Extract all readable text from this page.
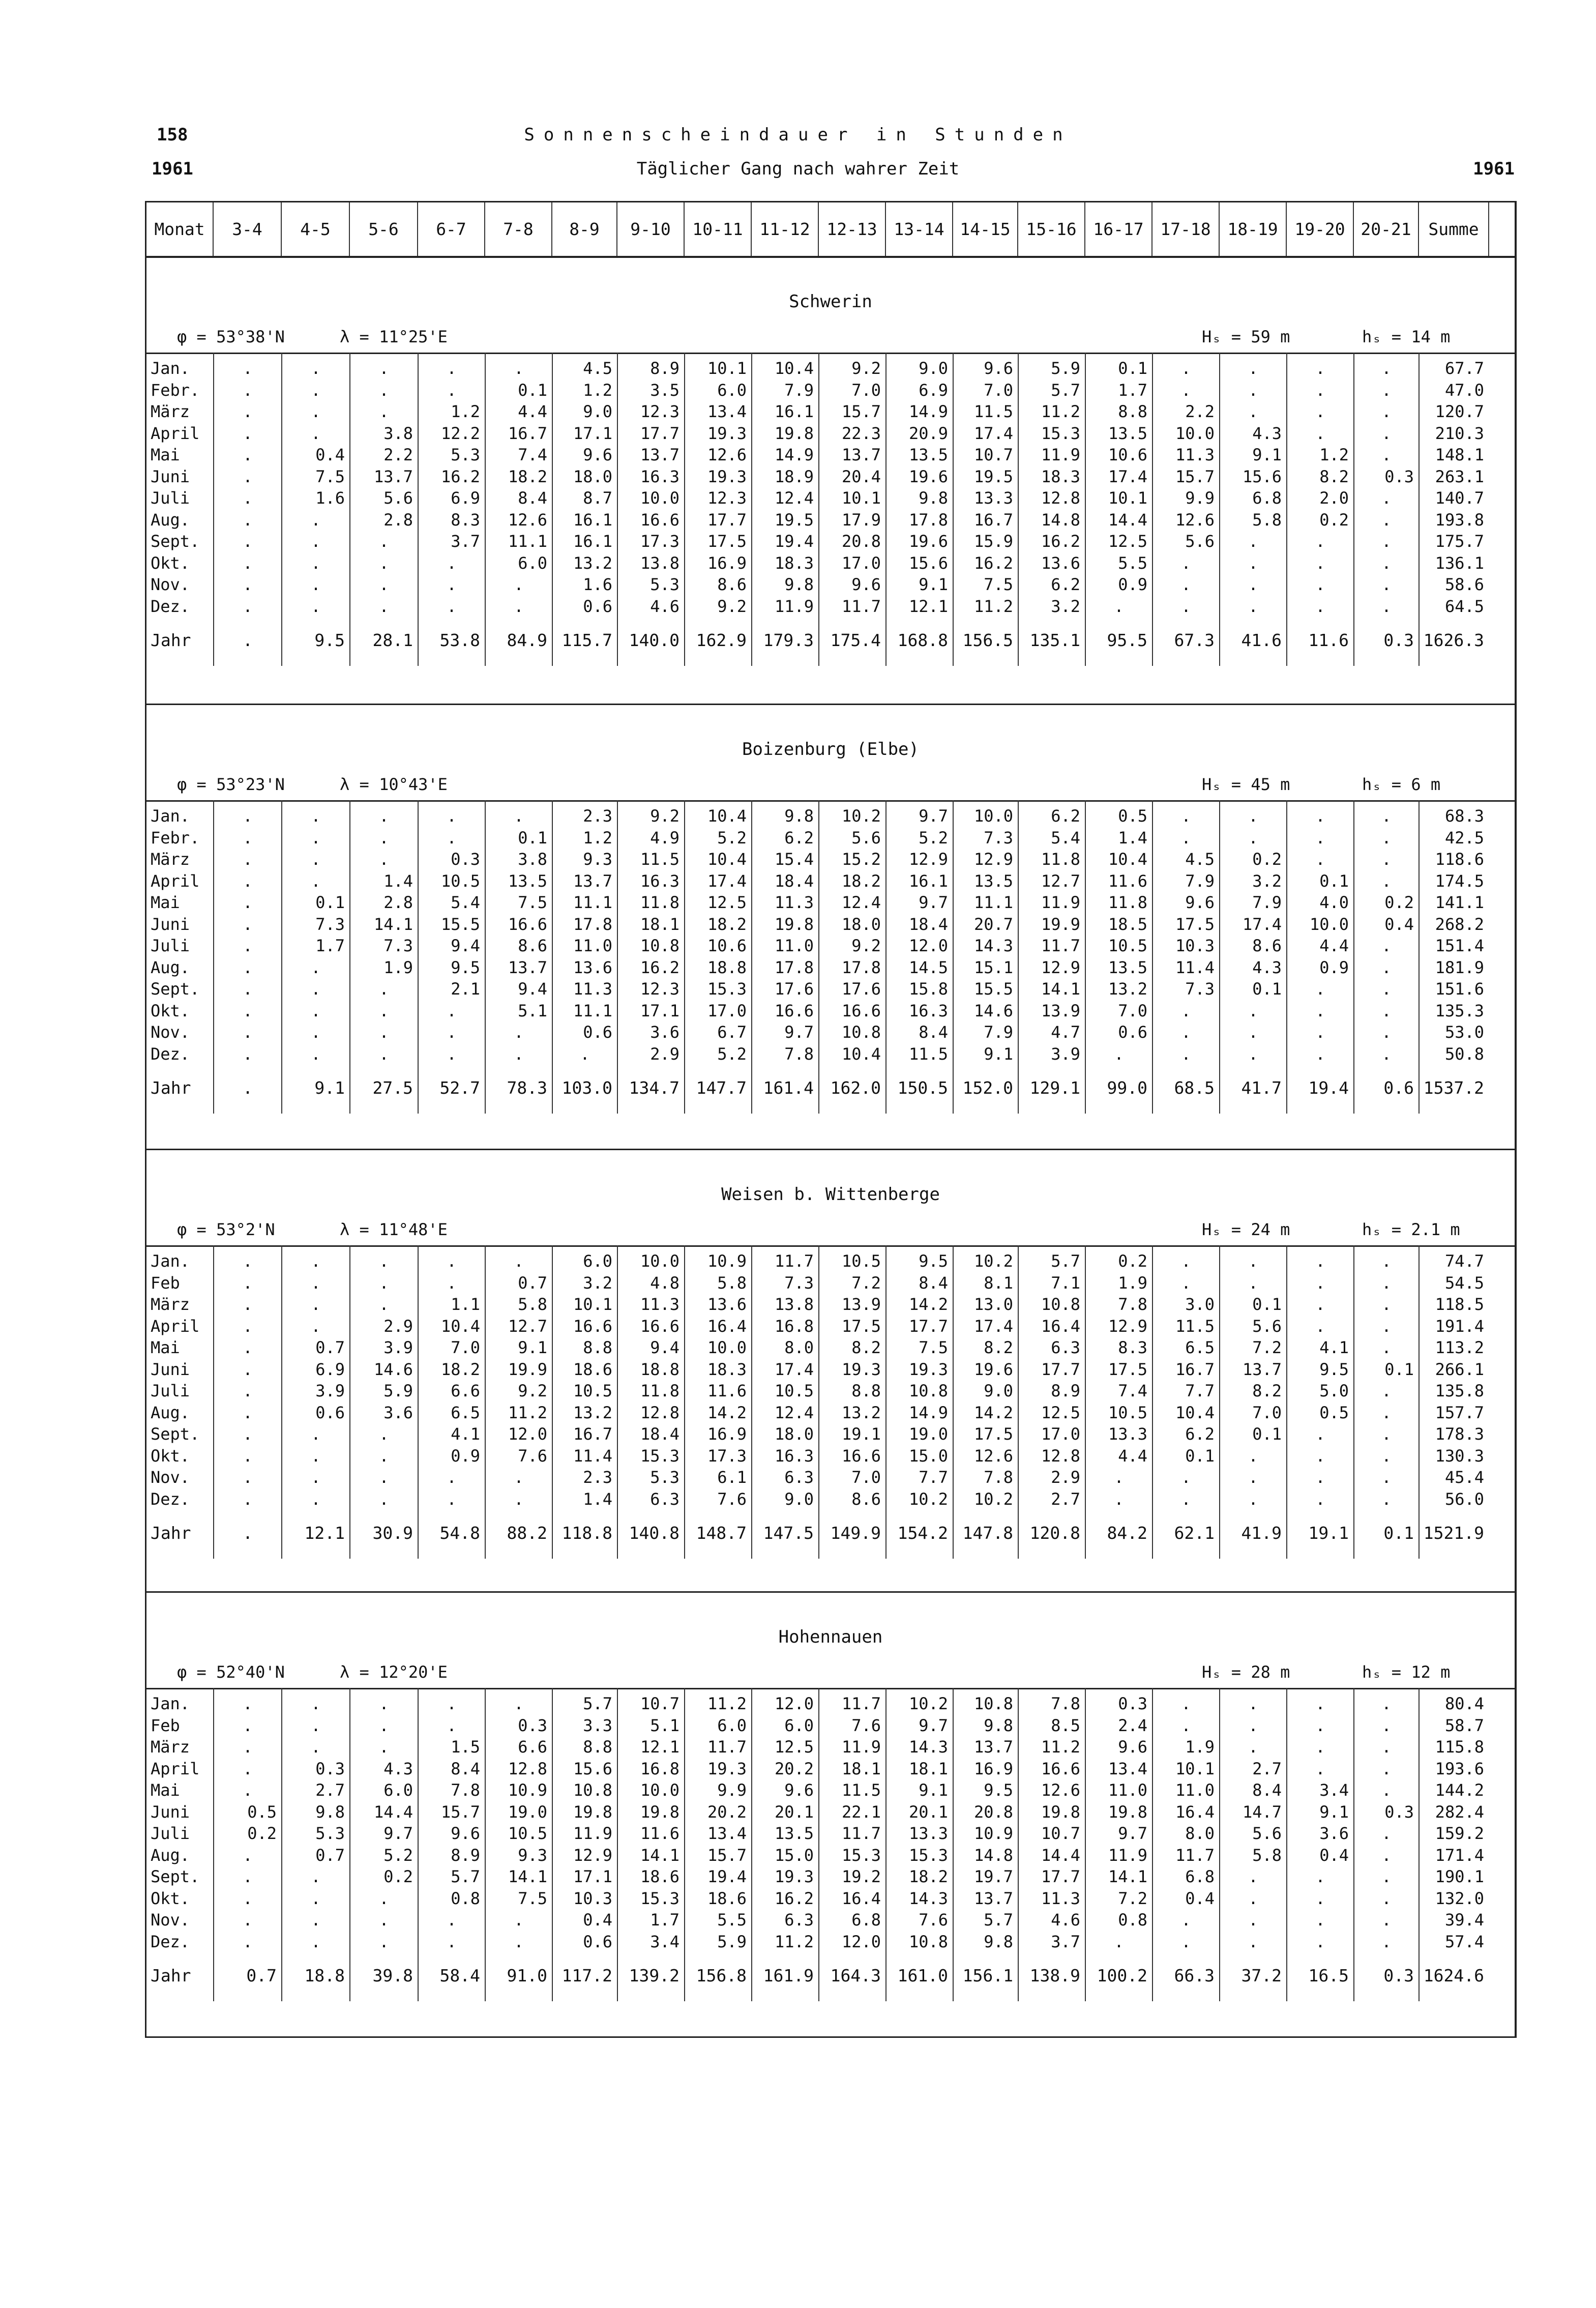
158
1961	1961
Sonnenscheindauer in Stunden
Täglicher Gang nach wahrer Zeit
Monat	3-4	4-5	5-6	6-7	7-8	8-9	9-10	10-11 11-12 12-13 13-14 14-15 15-16 16-17 17-18 18-19 19-20 20-21	Summe
Schwerin
φ = 53°38'N	λ = 11°25'E	Hₛ = 59 m	hₛ = 14 m
Jan.	.	.	.	.	.	4.5	8.9	10.1	10.4	9.2	9.0	9.6	5.9	0.1	.	.	.	.	67.7
Febr.	.	.	.	.	0.1	1.2	3.5	6.0	7.9	7.0	6.9	7.0	5.7	1.7	.	.	.	.	47.0
März	.	.	.	1.2	4.4	9.0	12.3	13.4	16.1	15.7	14.9	11.5	11.2	8.8	2.2	.	.	.	120.7
April	.	.	3.8	12.2	16.7	17.1	17.7	19.3	19.8	22.3	20.9	17.4	15.3	13.5	10.0	4.3	.	.	210.3
Mai	.	0.4	2.2	5.3	7.4	9.6	13.7	12.6	14.9	13.7	13.5	10.7	11.9	10.6	11.3	9.1	1.2	.	148.1
Juni	.	7.5	13.7	16.2	18.2	18.0	16.3	19.3	18.9	20.4	19.6	19.5	18.3	17.4	15.7	15.6	8.2	0.3	263.1
Juli	.	1.6	5.6	6.9	8.4	8.7	10.0	12.3	12.4	10.1	9.8	13.3	12.8	10.1	9.9	6.8	2.0	.	140.7
Aug.	.	.	2.8	8.3	12.6	16.1	16.6	17.7	19.5	17.9	17.8	16.7	14.8	14.4	12.6	5.8	0.2	.	193.8
Sept.	.	.	.	3.7	11.1	16.1	17.3	17.5	19.4	20.8	19.6	15.9	16.2	12.5	5.6	.	.	.	175.7
Okt.	.	.	.	.	6.0	13.2	13.8	16.9	18.3	17.0	15.6	16.2	13.6	5.5	.	.	.	.	136.1
Nov.	.	.	.	.	.	1.6	5.3	8.6	9.8	9.6	9.1	7.5	6.2	0.9	.	.	.	.	58.6
Dez.	.	.	.	.	.	0.6	4.6	9.2	11.9	11.7	12.1	11.2	3.2	.	.	.	.	.	64.5
Jahr	.	9.5	28.1	53.8	84.9 115.7 140.0 162.9 179.3 175.4 168.8 156.5 135.1	95.5	67.3	41.6	11.6	0.3 1626.3
Boizenburg (Elbe)
φ = 53°23'N	λ = 10°43'E	Hₛ = 45 m	hₛ = 6 m
Jan.	.	.	.	.	.	2.3	9.2	10.4	9.8	10.2	9.7	10.0	6.2	0.5	.	.	.	.	68.3
Febr.	.	.	.	.	0.1	1.2	4.9	5.2	6.2	5.6	5.2	7.3	5.4	1.4	.	.	.	.	42.5
März	.	.	.	0.3	3.8	9.3	11.5	10.4	15.4	15.2	12.9	12.9	11.8	10.4	4.5	0.2	.	.	118.6
April	.	.	1.4	10.5	13.5	13.7	16.3	17.4	18.4	18.2	16.1	13.5	12.7	11.6	7.9	3.2	0.1	.	174.5
Mai	.	0.1	2.8	5.4	7.5	11.1	11.8	12.5	11.3	12.4	9.7	11.1	11.9	11.8	9.6	7.9	4.0	0.2	141.1
Juni	.	7.3	14.1	15.5	16.6	17.8	18.1	18.2	19.8	18.0	18.4	20.7	19.9	18.5	17.5	17.4	10.0	0.4	268.2
Juli	.	1.7	7.3	9.4	8.6	11.0	10.8	10.6	11.0	9.2	12.0	14.3	11.7	10.5	10.3	8.6	4.4	.	151.4
Aug.	.	.	1.9	9.5	13.7	13.6	16.2	18.8	17.8	17.8	14.5	15.1	12.9	13.5	11.4	4.3	0.9	.	181.9
Sept.	.	.	.	2.1	9.4	11.3	12.3	15.3	17.6	17.6	15.8	15.5	14.1	13.2	7.3	0.1	.	.	151.6
Okt.	.	.	.	.	5.1	11.1	17.1	17.0	16.6	16.6	16.3	14.6	13.9	7.0	.	.	.	.	135.3
Nov.	.	.	.	.	.	0.6	3.6	6.7	9.7	10.8	8.4	7.9	4.7	0.6	.	.	.	.	53.0
Dez.	.	.	.	.	.	.	2.9	5.2	7.8	10.4	11.5	9.1	3.9	.	.	.	.	.	50.8
Jahr	.	9.1	27.5	52.7	78.3 103.0 134.7 147.7 161.4 162.0 150.5 152.0 129.1	99.0	68.5	41.7	19.4	0.6 1537.2
Weisen b. Wittenberge
φ = 53°2'N	λ = 11°48'E	Hₛ = 24 m	hₛ = 2.1 m
Jan.	.	.	.	.	.	6.0	10.0	10.9	11.7	10.5	9.5	10.2	5.7	0.2	.	.	.	.	74.7
Feb	.	.	.	.	0.7	3.2	4.8	5.8	7.3	7.2	8.4	8.1	7.1	1.9	.	.	.	.	54.5
März	.	.	.	1.1	5.8	10.1	11.3	13.6	13.8	13.9	14.2	13.0	10.8	7.8	3.0	0.1	.	.	118.5
April	.	.	2.9	10.4	12.7	16.6	16.6	16.4	16.8	17.5	17.7	17.4	16.4	12.9	11.5	5.6	.	.	191.4
Mai	.	0.7	3.9	7.0	9.1	8.8	9.4	10.0	8.0	8.2	7.5	8.2	6.3	8.3	6.5	7.2	4.1	.	113.2
Juni	.	6.9	14.6	18.2	19.9	18.6	18.8	18.3	17.4	19.3	19.3	19.6	17.7	17.5	16.7	13.7	9.5	0.1	266.1
Juli	.	3.9	5.9	6.6	9.2	10.5	11.8	11.6	10.5	8.8	10.8	9.0	8.9	7.4	7.7	8.2	5.0	.	135.8
Aug.	.	0.6	3.6	6.5	11.2	13.2	12.8	14.2	12.4	13.2	14.9	14.2	12.5	10.5	10.4	7.0	0.5	.	157.7
Sept.	.	.	.	4.1	12.0	16.7	18.4	16.9	18.0	19.1	19.0	17.5	17.0	13.3	6.2	0.1	.	.	178.3
Okt.	.	.	.	0.9	7.6	11.4	15.3	17.3	16.3	16.6	15.0	12.6	12.8	4.4	0.1	.	.	.	130.3
Nov.	.	.	.	.	.	2.3	5.3	6.1	6.3	7.0	7.7	7.8	2.9	.	.	.	.	.	45.4
Dez.	.	.	.	.	.	1.4	6.3	7.6	9.0	8.6	10.2	10.2	2.7	.	.	.	.	.	56.0
Jahr	.	12.1	30.9	54.8	88.2 118.8 140.8 148.7 147.5 149.9 154.2 147.8 120.8	84.2	62.1	41.9	19.1	0.1 1521.9
Hohennauen
φ = 52°40'N	λ = 12°20'E	Hₛ = 28 m	hₛ = 12 m
Jan.	.	.	.	.	.	5.7	10.7	11.2	12.0	11.7	10.2	10.8	7.8	0.3	.	.	.	.	80.4
Feb	.	.	.	.	0.3	3.3	5.1	6.0	6.0	7.6	9.7	9.8	8.5	2.4	.	.	.	.	58.7
März	.	.	.	1.5	6.6	8.8	12.1	11.7	12.5	11.9	14.3	13.7	11.2	9.6	1.9	.	.	.	115.8
April	.	0.3	4.3	8.4	12.8	15.6	16.8	19.3	20.2	18.1	18.1	16.9	16.6	13.4	10.1	2.7	.	.	193.6
Mai	.	2.7	6.0	7.8	10.9	10.8	10.0	9.9	9.6	11.5	9.1	9.5	12.6	11.0	11.0	8.4	3.4	.	144.2
Juni	0.5	9.8	14.4	15.7	19.0	19.8	19.8	20.2	20.1	22.1	20.1	20.8	19.8	19.8	16.4	14.7	9.1	0.3	282.4
Juli	0.2	5.3	9.7	9.6	10.5	11.9	11.6	13.4	13.5	11.7	13.3	10.9	10.7	9.7	8.0	5.6	3.6	.	159.2
Aug.	.	0.7	5.2	8.9	9.3	12.9	14.1	15.7	15.0	15.3	15.3	14.8	14.4	11.9	11.7	5.8	0.4	.	171.4
Sept.	.	.	0.2	5.7	14.1	17.1	18.6	19.4	19.3	19.2	18.2	19.7	17.7	14.1	6.8	.	.	.	190.1
Okt.	.	.	.	0.8	7.5	10.3	15.3	18.6	16.2	16.4	14.3	13.7	11.3	7.2	0.4	.	.	.	132.0
Nov.	.	.	.	.	.	0.4	1.7	5.5	6.3	6.8	7.6	5.7	4.6	0.8	.	.	.	.	39.4
Dez.	.	.	.	.	.	0.6	3.4	5.9	11.2	12.0	10.8	9.8	3.7	.	.	.	.	.	57.4
Jahr	0.7	18.8	39.8	58.4	91.0 117.2 139.2 156.8 161.9 164.3 161.0 156.1 138.9 100.2	66.3	37.2	16.5	0.3 1624.6
